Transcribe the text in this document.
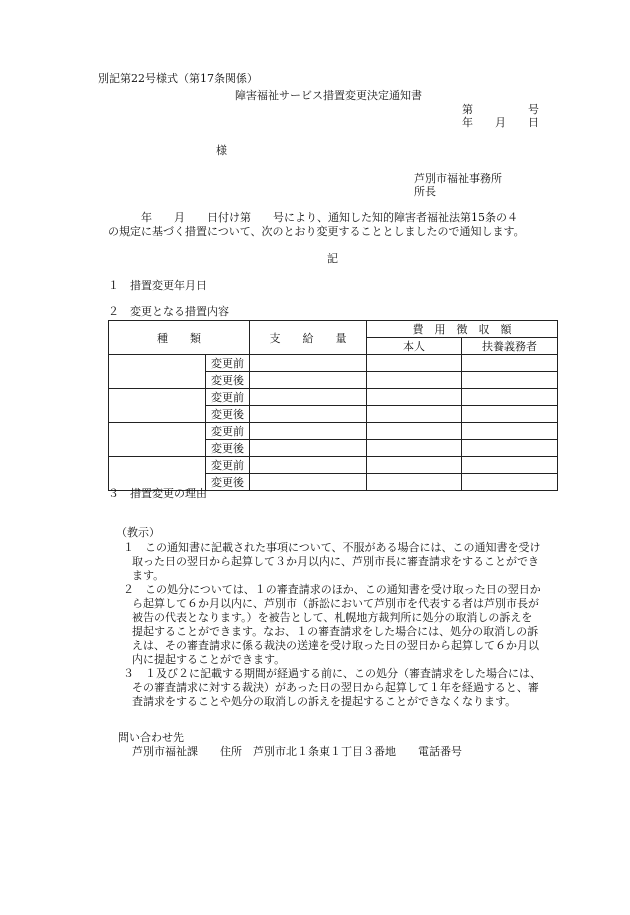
別記第22号様式（第17条関係）
障害福祉サービス措置変更決定通知書
第　　　　　号
年　　月　　日
様
芦別市福祉事務所
所長
　　　年　　月　　日付け第　　号により、通知した知的障害者福祉法第15条の４
の規定に基づく措置について、次のとおり変更することとしましたので通知します。
記
１　措置変更年月日
２　変更となる措置内容
種　　類		支　　給　　量	費　用　徴　収　額	
			本人	扶養義務者
	変更前			
	変更後			
	変更前			
	変更後			
	変更前			
	変更後			
	変更前			
	変更後			
３　措置変更の理由
（教示）
１　この通知書に記載された事項について、不服がある場合には、この通知書を受け
取った日の翌日から起算して３か月以内に、芦別市長に審査請求をすることができ
ます。
２　この処分については、１の審査請求のほか、この通知書を受け取った日の翌日か
ら起算して６か月以内に、芦別市（訴訟において芦別市を代表する者は芦別市長が
被告の代表となります。）を被告として、札幌地方裁判所に処分の取消しの訴えを
提起することができます。なお、１の審査請求をした場合には、処分の取消しの訴
えは、その審査請求に係る裁決の送達を受け取った日の翌日から起算して６か月以
内に提起することができます。
３　１及び２に記載する期間が経過する前に、この処分（審査請求をした場合には、
その審査請求に対する裁決）があった日の翌日から起算して１年を経過すると、審
査請求をすることや処分の取消しの訴えを提起することができなくなります。
問い合わせ先
芦別市福祉課　　住所　芦別市北１条東１丁目３番地　　電話番号
